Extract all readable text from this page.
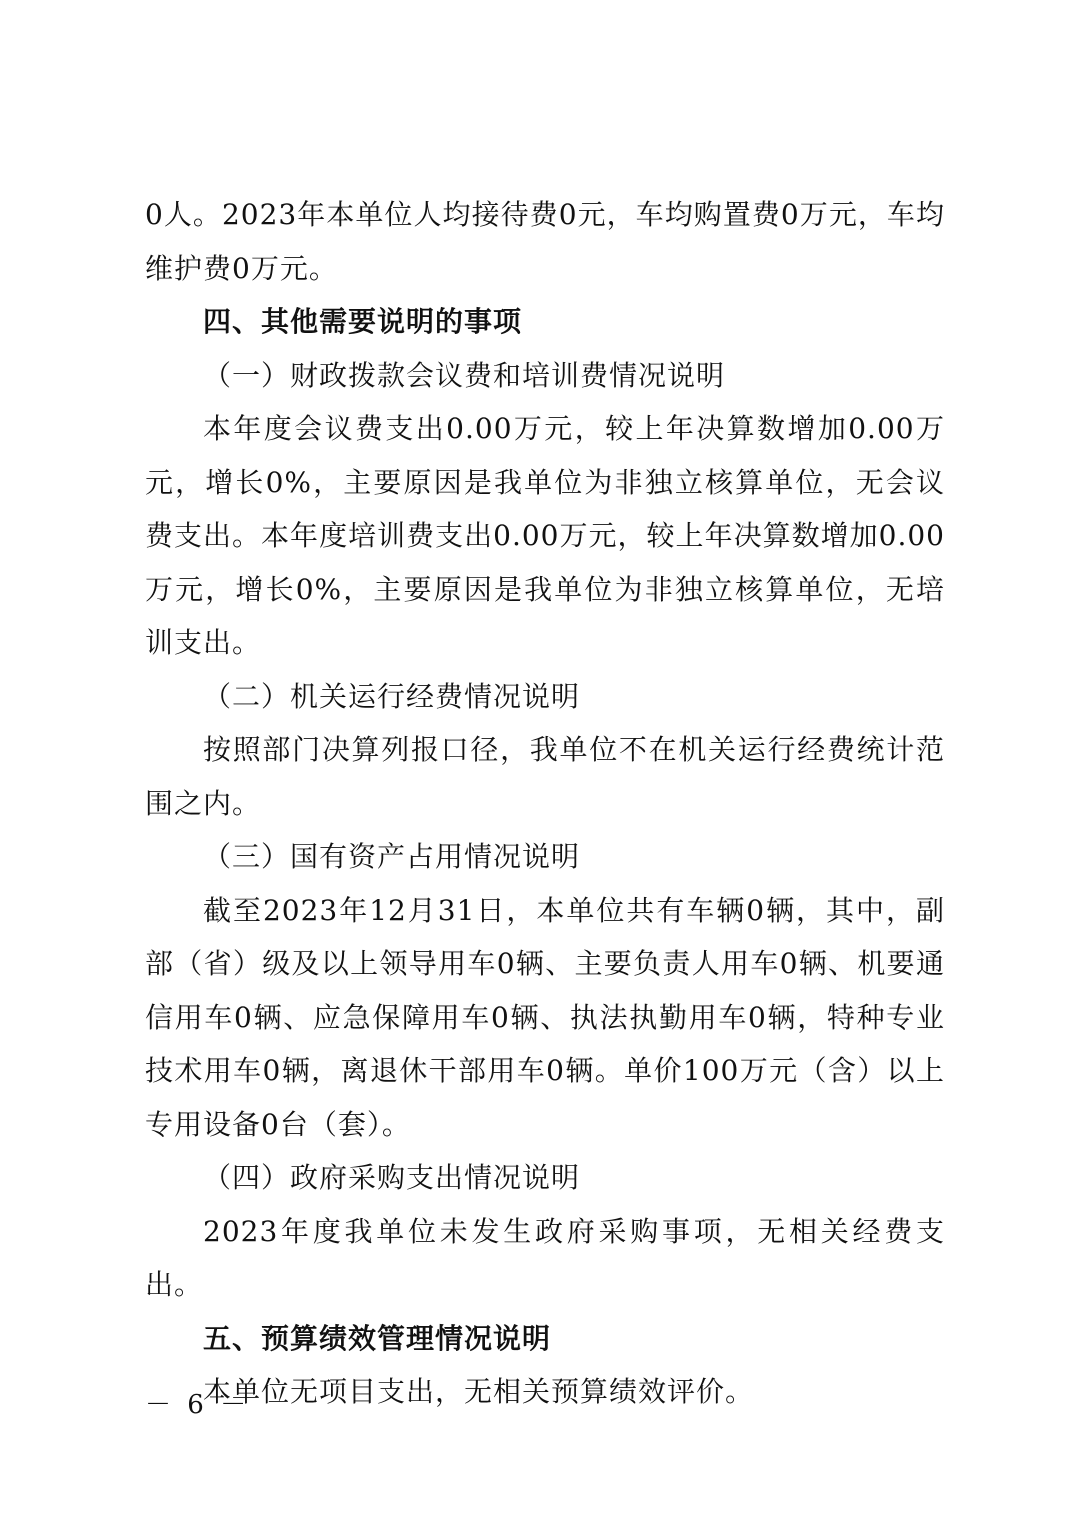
0人。2023年本单位人均接待费0元，车均购置费0万元，车均维护费0万元。

四、其他需要说明的事项

（一）财政拨款会议费和培训费情况说明

本年度会议费支出0.00万元，较上年决算数增加0.00万元，增长0%，主要原因是我单位为非独立核算单位，无会议费支出。本年度培训费支出0.00万元，较上年决算数增加0.00万元，增长0%，主要原因是我单位为非独立核算单位，无培训支出。

（二）机关运行经费情况说明

按照部门决算列报口径，我单位不在机关运行经费统计范围之内。

（三）国有资产占用情况说明

截至2023年12月31日，本单位共有车辆0辆，其中，副部（省）级及以上领导用车0辆、主要负责人用车0辆、机要通信用车0辆、应急保障用车0辆、执法执勤用车0辆，特种专业技术用车0辆，离退休干部用车0辆。单价100万元（含）以上专用设备0台（套）。

（四）政府采购支出情况说明

2023年度我单位未发生政府采购事项，无相关经费支出。

五、预算绩效管理情况说明

本单位无项目支出，无相关预算绩效评价。

－ 6 －
